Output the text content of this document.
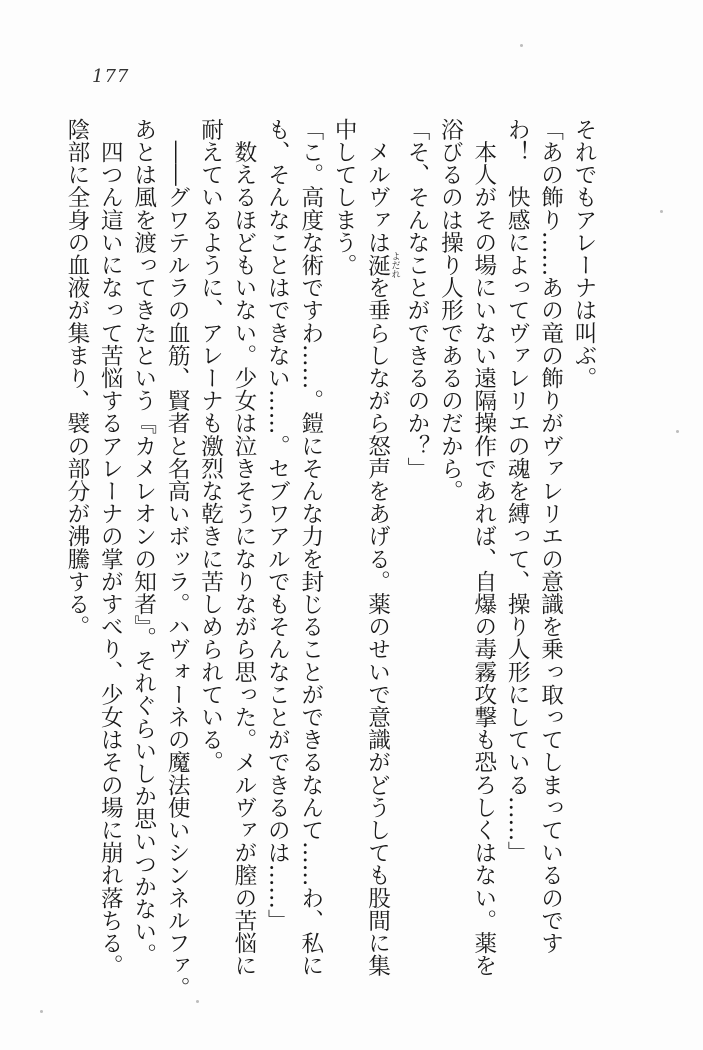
177
それでもアレーナは叫ぶ。
「あの飾り……あの竜の飾りがヴァレリエの意識を乗っ取ってしまっているのです
わ！　快感によってヴァレリエの魂を縛って、操り人形にしている……」
　本人がその場にいない遠隔操作であれば、自爆の毒霧攻撃も恐ろしくはない。薬を
浴びるのは操り人形であるのだから。
「そ、そんなことができるのか？」
　メルヴァは涎 よだれを垂らしながら怒声をあげる。薬のせいで意識がどうしても股間に集
中してしまう。
「こ。高度な術ですわ……。鎧にそんな力を封じることができるなんて……わ、私に
も、そんなことはできない……。セブワアルでもそんなことができるのは……」
　数えるほどもいない。少女は泣きそうになりながら思った。メルヴァが膣の苦悩に
耐えているように、アレーナも激烈な乾きに苦しめられている。
　――グワテルラの血筋、賢者と名高いボッラ。ハヴォーネの魔法使いシンネルファ。
あとは風を渡ってきたという『カメレオンの知者』。それぐらいしか思いつかない。
　四つん這いになって苦悩するアレーナの掌がすべり、少女はその場に崩れ落ちる。
陰部に全身の血液が集まり、襞の部分が沸騰する。
